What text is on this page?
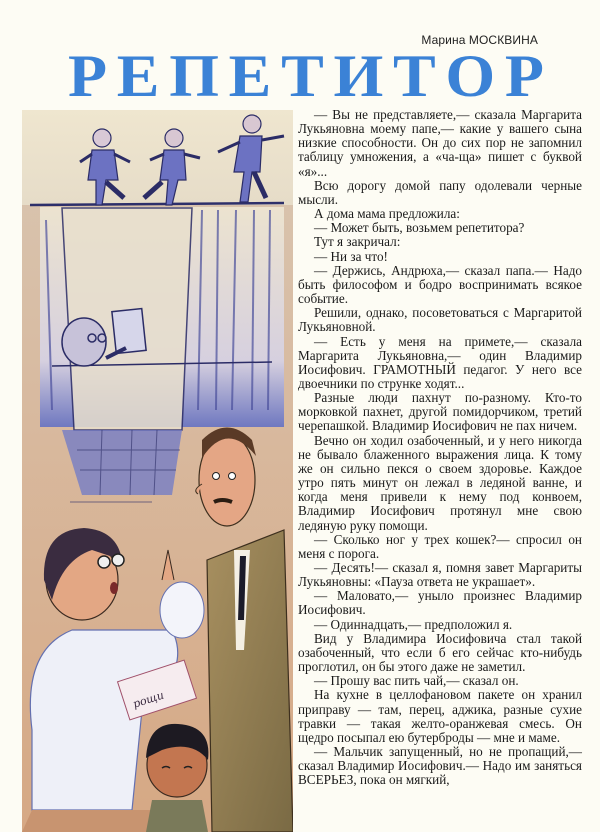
Марина МОСКВИНА
Р Е П Е Т И Т О Р
рощи

— Вы не представляете,— сказала Маргарита Лукьяновна моему папе,— какие у вашего сына низкие способности. Он до сих пор не запомнил таблицу умножения, а «ча-ща» пишет с буквой «я»...

Всю дорогу домой папу одолевали черные мысли.

А дома мама предложила:

— Может быть, возьмем репетитора?

Тут я закричал:

— Ни за что!

— Держись, Андрюха,— сказал папа.— Надо быть философом и бодро воспринимать всякое событие.

Решили, однако, посоветоваться с Маргаритой Лукьяновной.

— Есть у меня на примете,— сказала Маргарита Лукьяновна,— один Владимир Иосифович. ГРАМОТНЫЙ педагог. У него все двоечники по струнке ходят...

Разные люди пахнут по-разному. Кто-то морковкой пахнет, другой помидорчиком, третий черепашкой. Владимир Иосифович не пах ничем.

Вечно он ходил озабоченный, и у него никогда не бывало блаженного выражения лица. К тому же он сильно пекся о своем здоровье. Каждое утро пять минут он лежал в ледяной ванне, и когда меня привели к нему под конвоем, Владимир Иосифович протянул мне свою ледяную руку помощи.

— Сколько ног у трех кошек?— спросил он меня с порога.

— Десять!— сказал я, помня завет Маргариты Лукьяновны: «Пауза ответа не украшает».

— Маловато,— уныло произнес Владимир Иосифович.

— Одиннадцать,— предположил я.

Вид у Владимира Иосифовича стал такой озабоченный, что если б его сейчас кто-нибудь проглотил, он бы этого даже не заметил.

— Прошу вас пить чай,— сказал он.

На кухне в целлофановом пакете он хранил приправу — там, перец, аджика, разные сухие травки — такая желто-оранжевая смесь. Он щедро посыпал ею бутерброды — мне и маме.

— Мальчик запущенный, но не пропащий,— сказал Владимир Иосифович.— Надо им заняться ВСЕРЬЕЗ, пока он мягкий,
